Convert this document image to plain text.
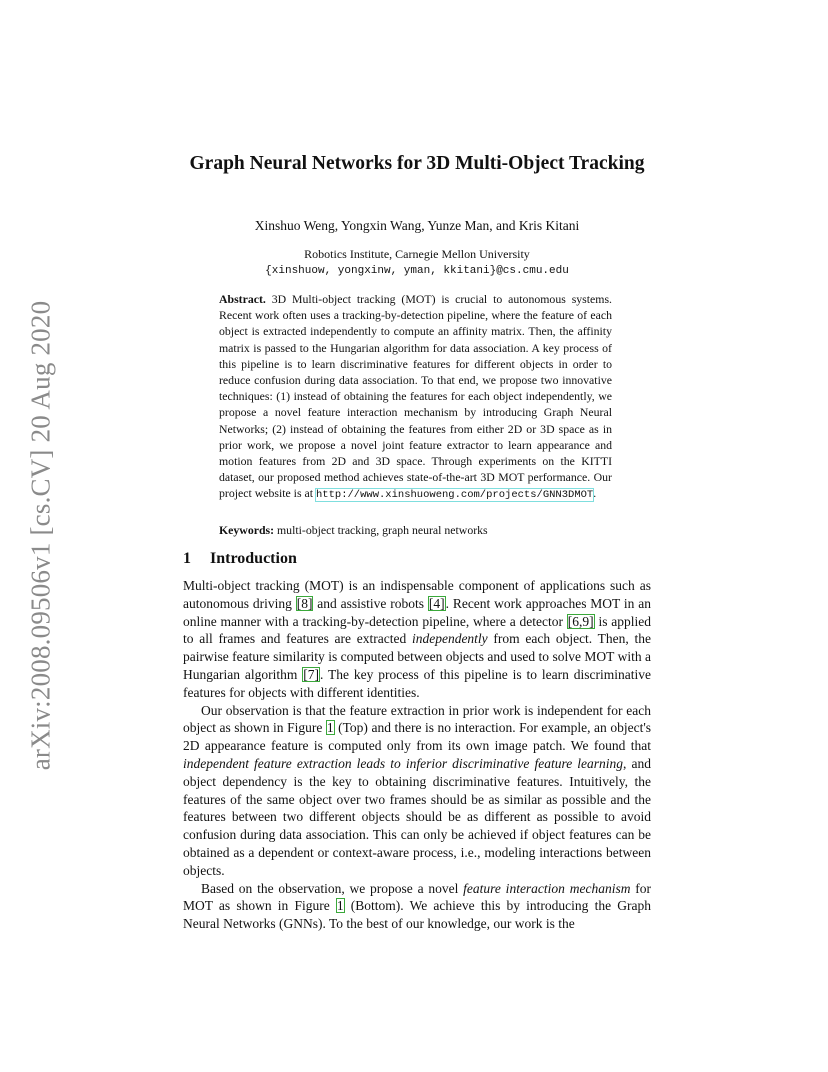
arXiv:2008.09506v1 [cs.CV] 20 Aug 2020
Graph Neural Networks for 3D Multi-Object Tracking
Xinshuo Weng, Yongxin Wang, Yunze Man, and Kris Kitani
Robotics Institute, Carnegie Mellon University
{xinshuow, yongxinw, yman, kkitani}@cs.cmu.edu
Abstract. 3D Multi-object tracking (MOT) is crucial to autonomous systems. Recent work often uses a tracking-by-detection pipeline, where the feature of each object is extracted independently to compute an affinity matrix. Then, the affinity matrix is passed to the Hungarian algorithm for data association. A key process of this pipeline is to learn discriminative features for different objects in order to reduce confusion during data association. To that end, we propose two innovative techniques: (1) instead of obtaining the features for each object independently, we propose a novel feature interaction mechanism by introducing Graph Neural Networks; (2) instead of obtaining the features from either 2D or 3D space as in prior work, we propose a novel joint feature extractor to learn appearance and motion features from 2D and 3D space. Through experiments on the KITTI dataset, our proposed method achieves state-of-the-art 3D MOT performance. Our project website is at http://www.xinshuoweng.com/projects/GNN3DMOT.
Keywords: multi-object tracking, graph neural networks
1 Introduction

Multi-object tracking (MOT) is an indispensable component of applications such as autonomous driving [8] and assistive robots [4]. Recent work approaches MOT in an online manner with a tracking-by-detection pipeline, where a detector [6,9] is applied to all frames and features are extracted independently from each object. Then, the pairwise feature similarity is computed between objects and used to solve MOT with a Hungarian algorithm [7]. The key process of this pipeline is to learn discriminative features for objects with different identities.

Our observation is that the feature extraction in prior work is independent for each object as shown in Figure 1 (Top) and there is no interaction. For example, an object's 2D appearance feature is computed only from its own image patch. We found that independent feature extraction leads to inferior discriminative feature learning, and object dependency is the key to obtaining discriminative features. Intuitively, the features of the same object over two frames should be as similar as possible and the features between two different objects should be as different as possible to avoid confusion during data association. This can only be achieved if object features can be obtained as a dependent or context-aware process, i.e., modeling interactions between objects.

Based on the observation, we propose a novel feature interaction mechanism for MOT as shown in Figure 1 (Bottom). We achieve this by introducing the Graph Neural Networks (GNNs). To the best of our knowledge, our work is the
